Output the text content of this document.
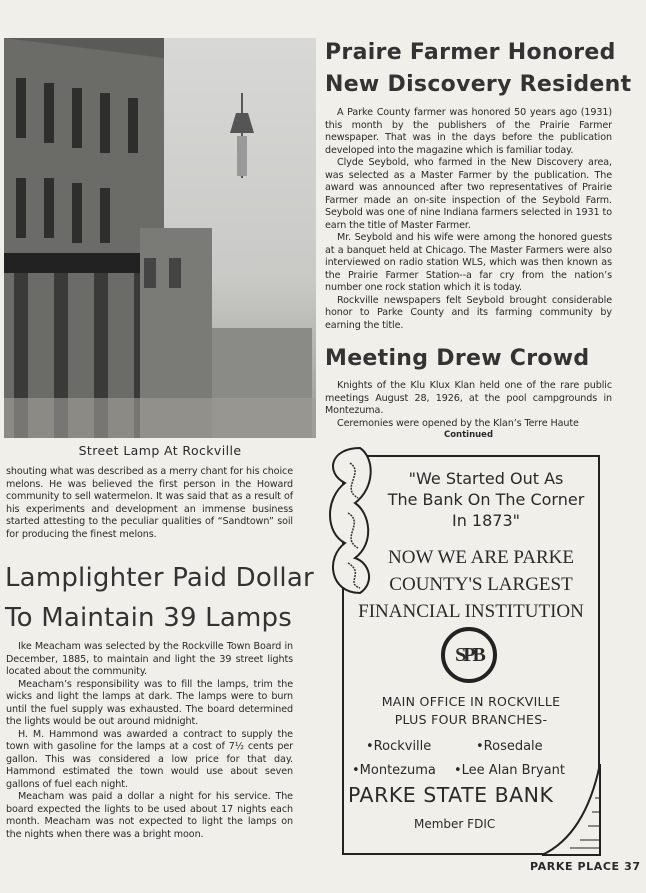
Street Lamp At Rockville

shouting what was described as a merry chant for his choice melons. He was believed the first person in the Howard community to sell watermelon. It was said that as a result of his experiments and development an immense business started attesting to the peculiar qualities of “Sandtown” soil for producing the finest melons.

Lamplighter Paid Dollar
To Maintain 39 Lamps

Ike Meacham was selected by the Rockville Town Board in December, 1885, to maintain and light the 39 street lights located about the community.

Meacham’s responsibility was to fill the lamps, trim the wicks and light the lamps at dark. The lamps were to burn until the fuel supply was exhausted. The board determined the lights would be out around midnight.

H. M. Hammond was awarded a contract to supply the town with gasoline for the lamps at a cost of 7½ cents per gallon. This was considered a low price for that day. Hammond estimated the town would use about seven gallons of fuel each night.

Meacham was paid a dollar a night for his service. The board expected the lights to be used about 17 nights each month. Meacham was not expected to light the lamps on the nights when there was a bright moon.

Praire Farmer Honored
New Discovery Resident

A Parke County farmer was honored 50 years ago (1931) this month by the publishers of the Prairie Farmer newspaper. That was in the days before the publication developed into the magazine which is familiar today.

Clyde Seybold, who farmed in the New Discovery area, was selected as a Master Farmer by the publication. The award was announced after two representatives of Prairie Farmer made an on-site inspection of the Seybold Farm. Seybold was one of nine Indiana farmers selected in 1931 to earn the title of Master Farmer.

Mr. Seybold and his wife were among the honored guests at a banquet held at Chicago. The Master Farmers were also interviewed on radio station WLS, which was then known as the Prairie Farmer Station--a far cry from the nation’s number one rock station which it is today.

Rockville newspapers felt Seybold brought considerable honor to Parke County and its farming community by earning the title.

Meeting Drew Crowd

Knights of the Klu Klux Klan held one of the rare public meetings August 28, 1926, at the pool campgrounds in Montezuma.

Ceremonies were opened by the Klan’s Terre Haute

Continued
"We Started Out As
The Bank On The Corner
In 1873"
NOW WE ARE PARKE
COUNTY'S LARGEST
FINANCIAL INSTITUTION
SPB
MAIN OFFICE IN ROCKVILLE
PLUS FOUR BRANCHES-
•Rockville	•Rosedale
•Montezuma •Lee Alan Bryant
PARKE STATE BANK
Member FDIC
PARKE PLACE 37
